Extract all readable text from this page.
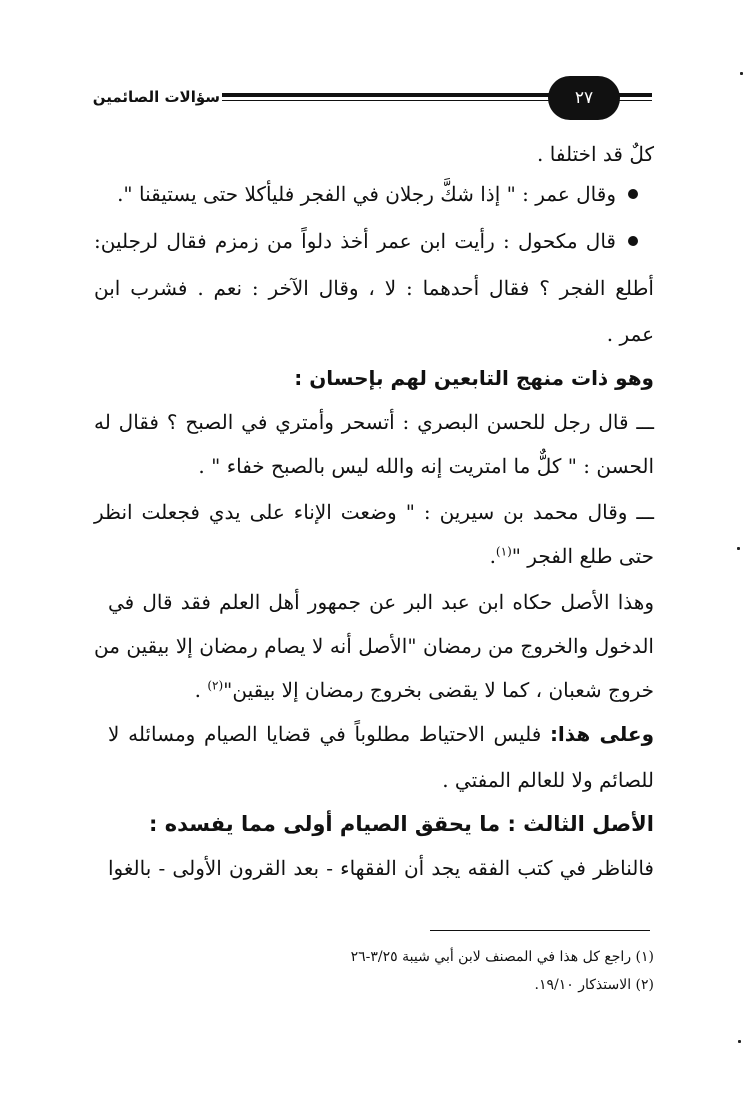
سؤالات الصائمين	٢٧
كلٌ قد اختلفا .
وقال عمر : " إذا شكَّ رجلان في الفجر فليأكلا حتى يستيقنا ".
قال مكحول : رأيت ابن عمر أخذ دلواً من زمزم فقال لرجلين:
أطلع الفجر ؟ فقال أحدهما : لا ، وقال الآخر : نعم . فشرب ابن
عمر .
وهو ذات منهج التابعين لهم بإحسان :
ـــ قال رجل للحسن البصري : أتسحر وأمتري في الصبح ؟ فقال له
الحسن : " كلٌّ ما امتريت إنه والله ليس بالصبح خفاء " .
ـــ وقال محمد بن سيرين : " وضعت الإناء على يدي فجعلت انظر
حتى طلع الفجر "$^{(١)}$.
وهذا الأصل حكاه ابن عبد البر عن جمهور أهل العلم فقد قال في
الدخول والخروج من رمضان "الأصل أنه لا يصام رمضان إلا بيقين من
خروج شعبان ، كما لا يقضى بخروج رمضان إلا بيقين"$^{(٢)}$ .
وعلى هذا: فليس الاحتياط مطلوباً في قضايا الصيام ومسائله لا
للصائم ولا للعالم المفتي .
الأصل الثالث : ما يحقق الصيام أولى مما يفسده :
فالناظر في كتب الفقه يجد أن الفقهاء - بعد القرون الأولى - بالغوا
(١) راجع كل هذا في المصنف لابن أبي شيبة ٣/٢٥-٢٦
(٢) الاستذكار ١٩/١٠.
